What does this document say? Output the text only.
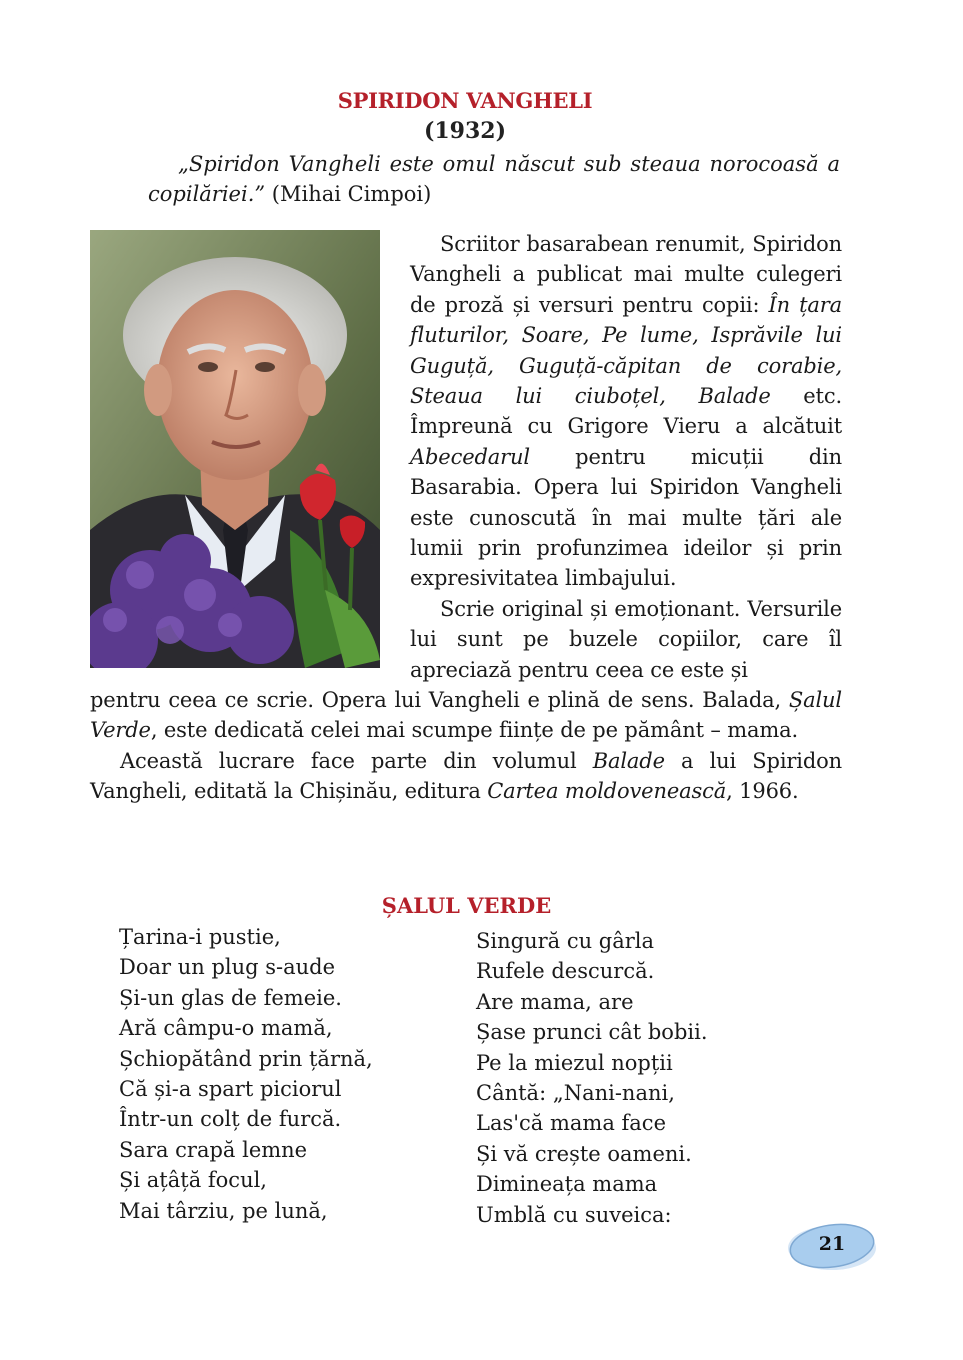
SPIRIDON VANGHELI
(1932)
„Spiridon Vangheli este omul născut sub steaua norocoasă a copilăriei.” (Mihai Cimpoi)

Scriitor basarabean renumit, Spiridon Vangheli a publicat mai multe culegeri de proză și versuri pentru copii: În țara fluturilor, Soare, Pe lume, Isprăvile lui Guguță, Guguță-căpitan de corabie, Steaua lui ciuboțel, Balade etc. Împreună cu Grigore Vieru a alcătuit Abecedarul pentru micuții din Basarabia. Opera lui Spiridon Vangheli este cunoscută în mai multe țări ale lumii prin profunzimea ideilor și prin expresivitatea limbajului.

Scrie original și emoționant. Versurile lui sunt pe buzele copiilor, care îl apreciază pentru ceea ce este și

pentru ceea ce scrie. Opera lui Vangheli e plină de sens. Balada, Șalul Verde, este dedicată celei mai scumpe ființe de pe pământ – mama.

Această lucrare face parte din volumul Balade a lui Spiridon Vangheli, editată la Chișinău, editura Cartea moldovenească, 1966.

ȘALUL VERDE
Țarina-i pustie,
Doar un plug s-aude
Și-un glas de femeie.
Ară câmpu-o mamă,
Șchiopătând prin țărnă,
Că și-a spart piciorul
Într-un colț de furcă.
Sara crapă lemne
Și ațâță focul,
Mai târziu, pe lună,
Singură cu gârla
Rufele descurcă.
Are mama, are
Șase prunci cât bobii.
Pe la miezul nopții
Cântă: „Nani-nani,
Las'că mama face
Și vă crește oameni.
Dimineața mama
Umblă cu suveica:
21
